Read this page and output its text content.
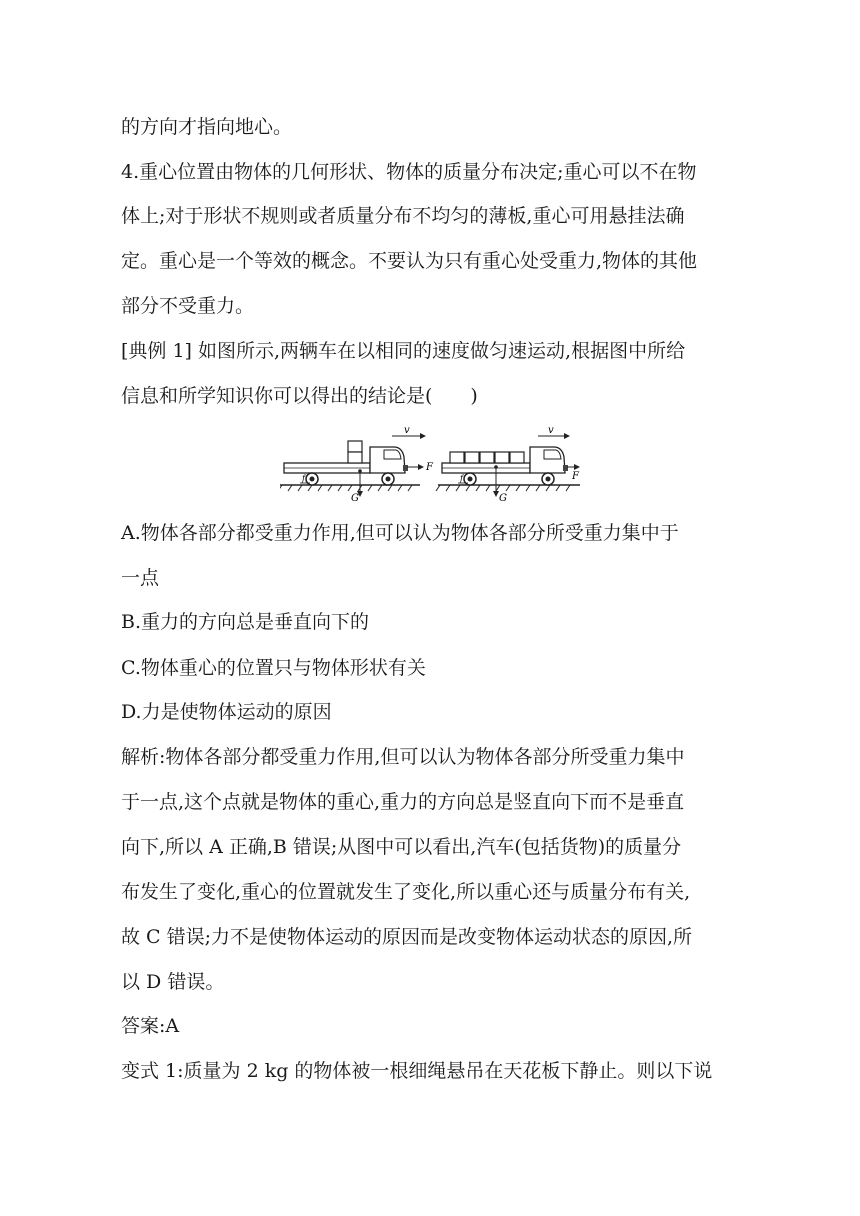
的方向才指向地心。
4.重心位置由物体的几何形状、物体的质量分布决定;重心可以不在物
体上;对于形状不规则或者质量分布不均匀的薄板,重心可用悬挂法确
定。重心是一个等效的概念。不要认为只有重心处受重力,物体的其他
部分不受重力。
[典例 1] 如图所示,两辆车在以相同的速度做匀速运动,根据图中所给
信息和所学知识你可以得出的结论是(　　)
v
F
G
f
v
F
G
f
A.物体各部分都受重力作用,但可以认为物体各部分所受重力集中于
一点
B.重力的方向总是垂直向下的
C.物体重心的位置只与物体形状有关
D.力是使物体运动的原因
解析:物体各部分都受重力作用,但可以认为物体各部分所受重力集中
于一点,这个点就是物体的重心,重力的方向总是竖直向下而不是垂直
向下,所以 A 正确,B 错误;从图中可以看出,汽车(包括货物)的质量分
布发生了变化,重心的位置就发生了变化,所以重心还与质量分布有关,
故 C 错误;力不是使物体运动的原因而是改变物体运动状态的原因,所
以 D 错误。
答案:A
变式 1:质量为 2 kg 的物体被一根细绳悬吊在天花板下静止。则以下说
